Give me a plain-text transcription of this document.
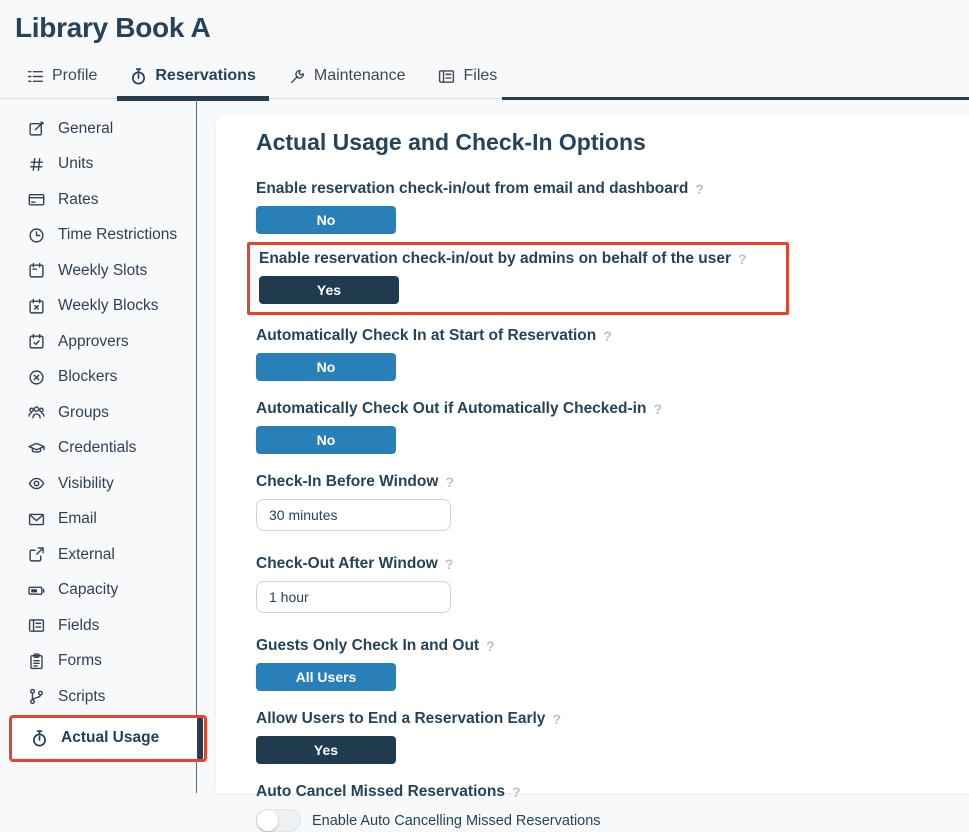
Library Book A
Profile	Reservations	Maintenance	Files
General
Units
Rates
Time Restrictions
Weekly Slots
Weekly Blocks
Approvers
Blockers
Groups
Credentials
Visibility
Email
External
Capacity
Fields
Forms
Scripts
Actual Usage
Actual Usage and Check-In Options
Enable reservation check-in/out from email and dashboard ?
No
Enable reservation check-in/out by admins on behalf of the user ?
Yes
Automatically Check In at Start of Reservation ?
No
Automatically Check Out if Automatically Checked-in ?
No
Check-In Before Window ?
30 minutes
Check-Out After Window ?
1 hour
Guests Only Check In and Out ?
All Users
Allow Users to End a Reservation Early ?
Yes
Auto Cancel Missed Reservations ?
Enable Auto Cancelling Missed Reservations
